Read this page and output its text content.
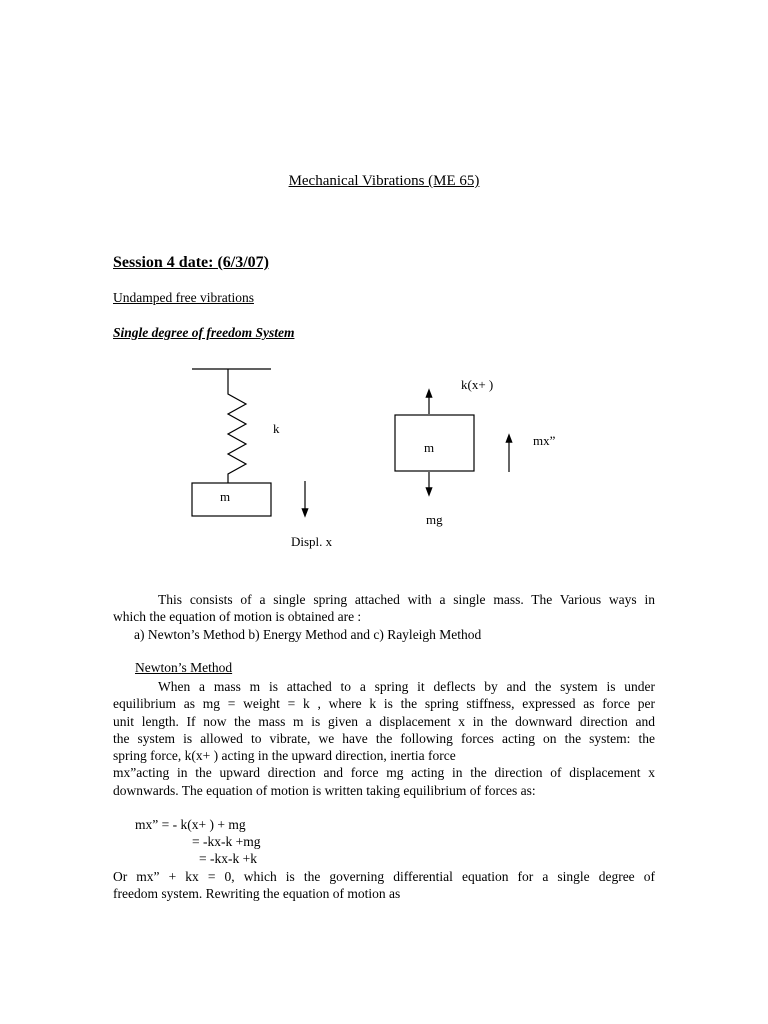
Mechanical Vibrations (ME 65)
Session 4 date: (6/3/07)
Undamped free vibrations
Single degree of freedom System
k
m
Displ. x
m
k(x+ )
mx”
mg
This consists of a single spring attached with a single mass. The Various ways in
which the equation of motion is obtained are :
a) Newton’s Method b) Energy Method and c) Rayleigh Method
Newton’s Method
When a mass m is attached to a spring it deflects by and the system is under
equilibrium as mg = weight = k , where k is the spring stiffness, expressed as force per
unit length. If now the mass m is given a displacement x in the downward direction and
the system is allowed to vibrate, we have the following forces acting on the system: the
spring force, k(x+ ) acting in the upward direction, inertia force
mx”acting in the upward direction and force mg acting in the direction of displacement x
downwards. The equation of motion is written taking equilibrium of forces as:
mx” = - k(x+ ) + mg
= -kx-k +mg
= -kx-k +k
Or mx” + kx = 0, which is the governing differential equation for a single degree of
freedom system. Rewriting the equation of motion as
